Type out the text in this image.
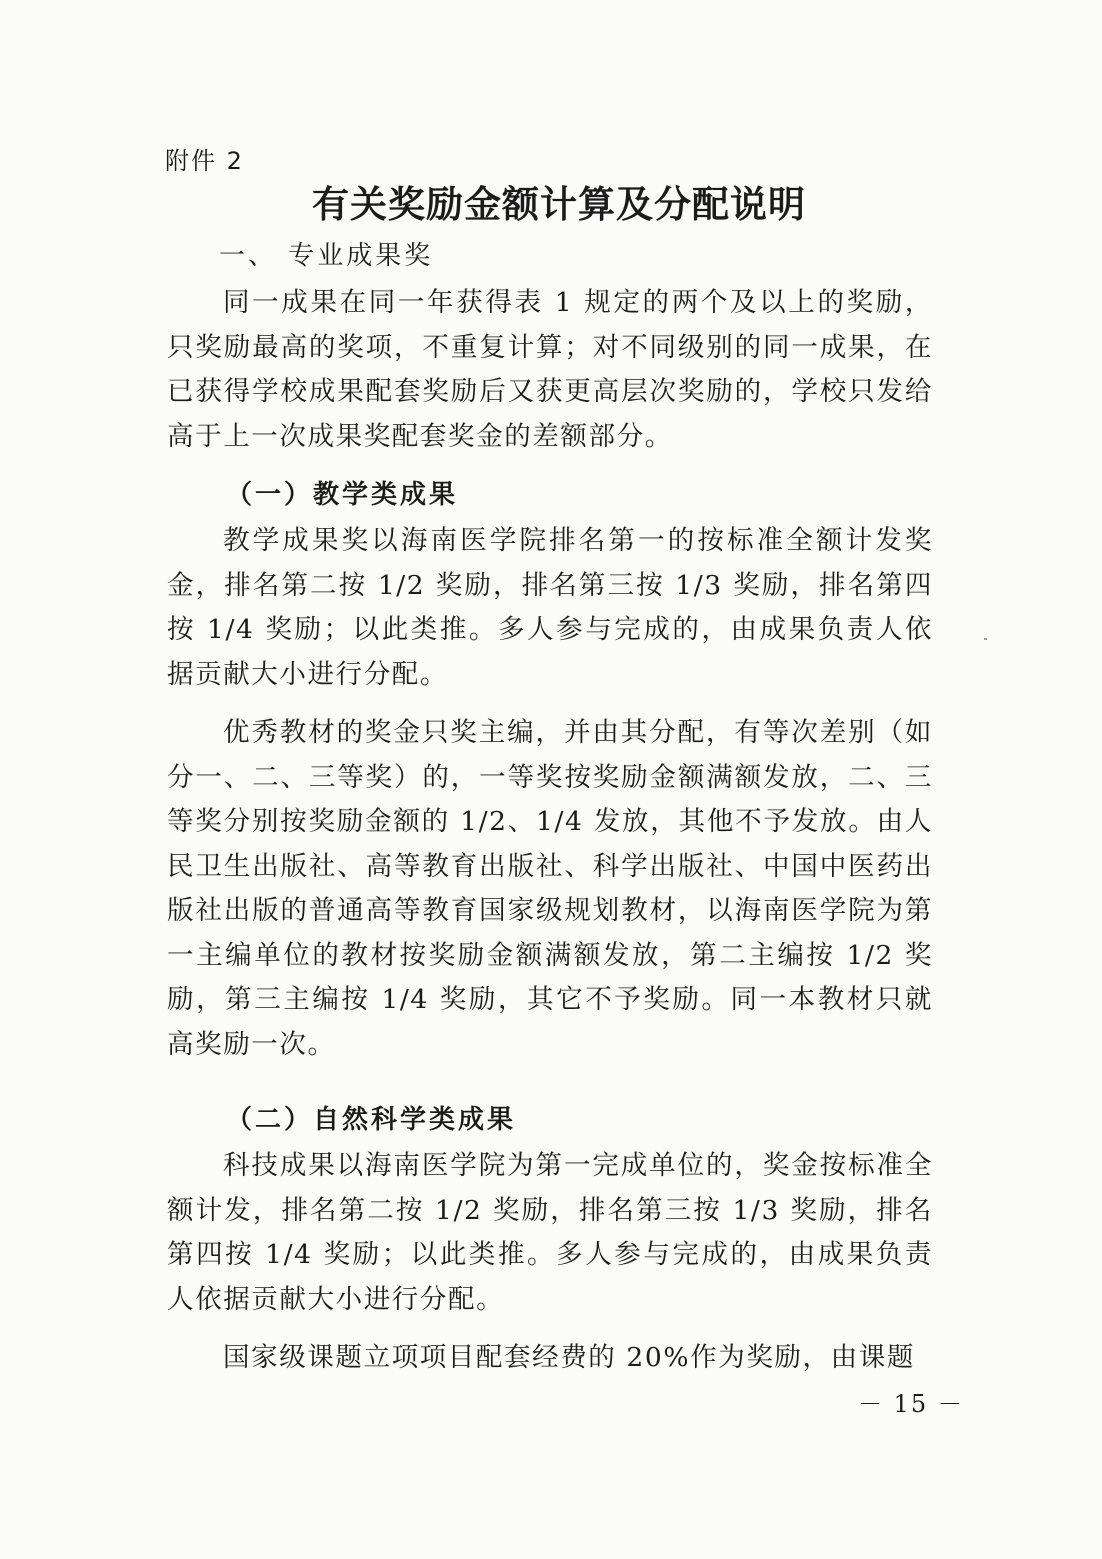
附件 2
有关奖励金额计算及分配说明
一、 专业成果奖

同一成果在同一年获得表 1 规定的两个及以上的奖励，只奖励最高的奖项，不重复计算；对不同级别的同一成果，在已获得学校成果配套奖励后又获更高层次奖励的，学校只发给高于上一次成果奖配套奖金的差额部分。

（一）教学类成果

教学成果奖以海南医学院排名第一的按标准全额计发奖金，排名第二按 1/2 奖励，排名第三按 1/3 奖励，排名第四按 1/4 奖励；以此类推。多人参与完成的，由成果负责人依据贡献大小进行分配。

优秀教材的奖金只奖主编，并由其分配，有等次差别（如分一、二、三等奖）的，一等奖按奖励金额满额发放，二、三等奖分别按奖励金额的 1/2、1/4 发放，其他不予发放。由人民卫生出版社、高等教育出版社、科学出版社、中国中医药出版社出版的普通高等教育国家级规划教材，以海南医学院为第一主编单位的教材按奖励金额满额发放，第二主编按 1/2 奖励，第三主编按 1/4 奖励，其它不予奖励。同一本教材只就高奖励一次。

（二）自然科学类成果

科技成果以海南医学院为第一完成单位的，奖金按标准全额计发，排名第二按 1/2 奖励，排名第三按 1/3 奖励，排名第四按 1/4 奖励；以此类推。多人参与完成的，由成果负责人依据贡献大小进行分配。

国家级课题立项项目配套经费的 20%作为奖励，由课题

－ 15 －
